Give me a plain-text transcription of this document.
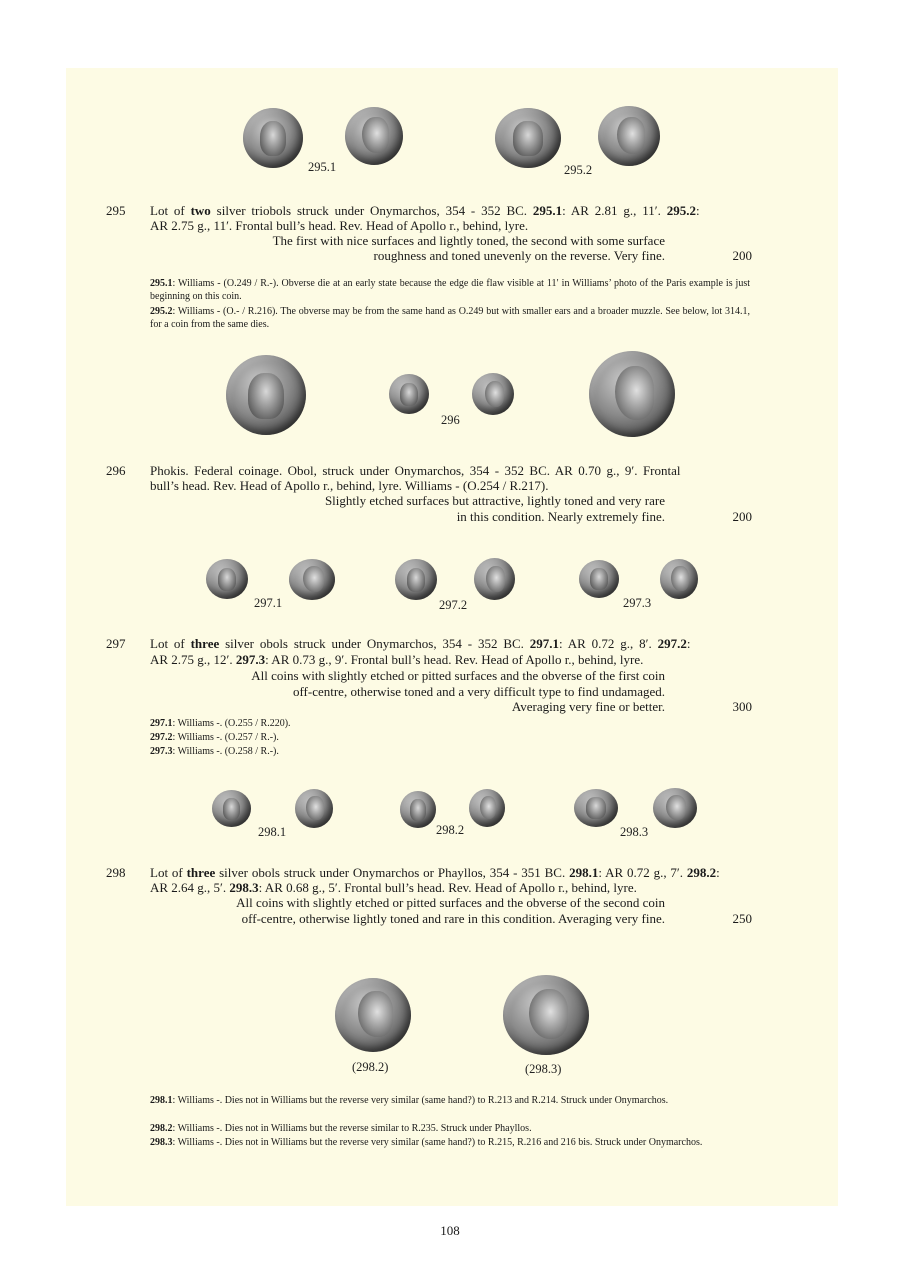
295.1	295.2
295 Lot of two silver triobols struck under Onymarchos, 354 - 352 BC. 295.1: AR 2.81 g., 11′. 295.2:
AR 2.75 g., 11′. Frontal bull’s head. Rev. Head of Apollo r., behind, lyre.
The first with nice surfaces and lightly toned, the second with some surface
roughness and toned unevenly on the reverse. Very fine.	200
295.1: Williams - (O.249 / R.-). Obverse die at an early state because the edge die flaw visible at 11′ in Williams’ photo of the Paris example is just beginning on this coin.
295.2: Williams - (O.- / R.216). The obverse may be from the same hand as O.249 but with smaller ears and a broader muzzle. See below, lot 314.1, for a coin from the same dies.
296
296 Phokis. Federal coinage. Obol, struck under Onymarchos, 354 - 352 BC. AR 0.70 g., 9′. Frontal
bull’s head. Rev. Head of Apollo r., behind, lyre. Williams - (O.254 / R.217).
Slightly etched surfaces but attractive, lightly toned and very rare
in this condition. Nearly extremely fine.	200
297.1	297.2	297.3
297 Lot of three silver obols struck under Onymarchos, 354 - 352 BC. 297.1: AR 0.72 g., 8′. 297.2:
AR 2.75 g., 12′. 297.3: AR 0.73 g., 9′. Frontal bull’s head. Rev. Head of Apollo r., behind, lyre.
All coins with slightly etched or pitted surfaces and the obverse of the first coin
off-centre, otherwise toned and a very difficult type to find undamaged.
Averaging very fine or better.	300
297.1: Williams -. (O.255 / R.220).
297.2: Williams -. (O.257 / R.-).
297.3: Williams -. (O.258 / R.-).
298.1	298.2	298.3
298 Lot of three silver obols struck under Onymarchos or Phayllos, 354 - 351 BC. 298.1: AR 0.72 g., 7′. 298.2:
AR 2.64 g., 5′. 298.3: AR 0.68 g., 5′. Frontal bull’s head. Rev. Head of Apollo r., behind, lyre.
All coins with slightly etched or pitted surfaces and the obverse of the second coin
off-centre, otherwise lightly toned and rare in this condition. Averaging very fine.	250
(298.2)	(298.3)
298.1: Williams -. Dies not in Williams but the reverse very similar (same hand?) to R.213 and R.214. Struck under Onymarchos.
298.2: Williams -. Dies not in Williams but the reverse similar to R.235. Struck under Phayllos.
298.3: Williams -. Dies not in Williams but the reverse very similar (same hand?) to R.215, R.216 and 216 bis. Struck under Onymarchos.
108
